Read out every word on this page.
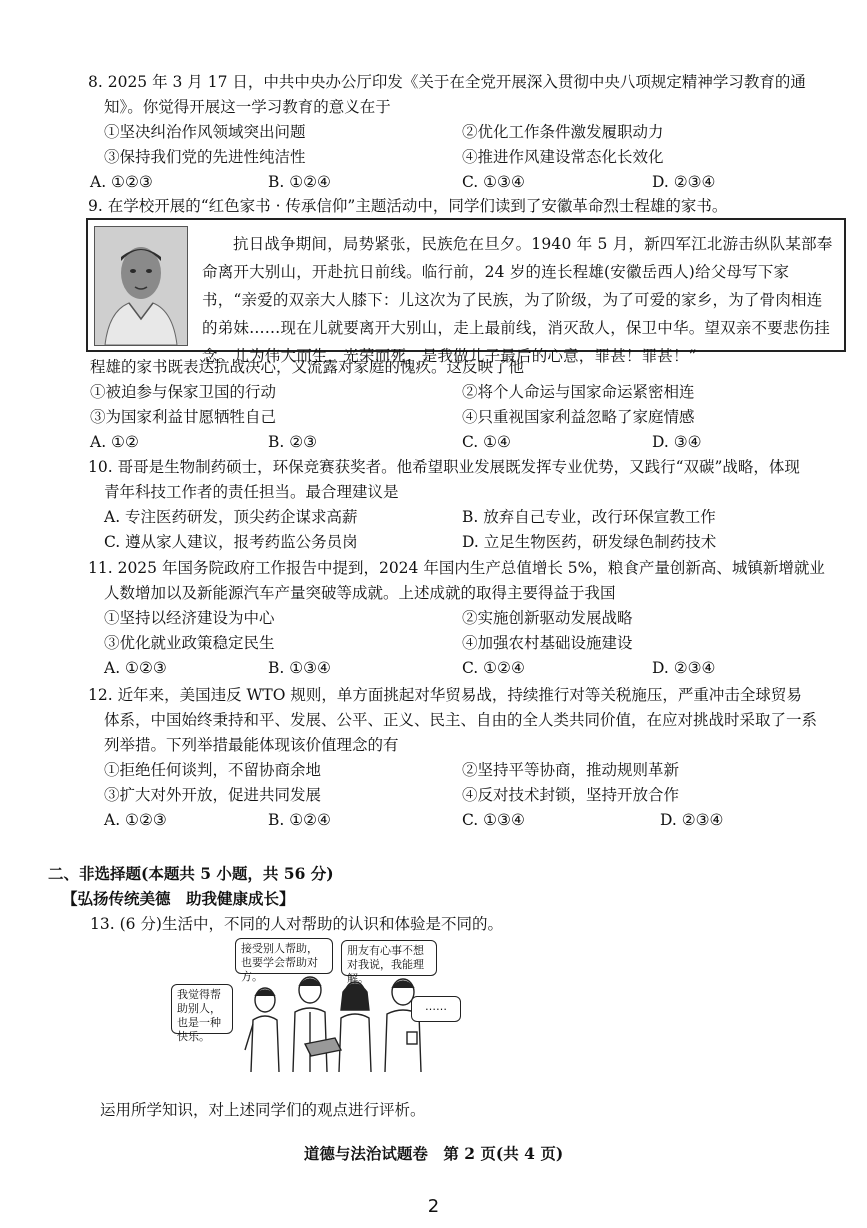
8. 2025 年 3 月 17 日，中共中央办公厅印发《关于在全党开展深入贯彻中央八项规定精神学习教育的通
知》。你觉得开展这一学习教育的意义在于
①坚决纠治作风领域突出问题	②优化工作条件激发履职动力
③保持我们党的先进性纯洁性	④推进作风建设常态化长效化
A. ①②③	B. ①②④	C. ①③④	D. ②③④
9. 在学校开展的“红色家书 · 传承信仰”主题活动中，同学们读到了安徽革命烈士程雄的家书。
抗日战争期间，局势紧张，民族危在旦夕。1940 年 5 月，新四军江北游击纵队某部奉命离开大别山，开赴抗日前线。临行前，24 岁的连长程雄(安徽岳西人)给父母写下家书，“亲爱的双亲大人膝下：儿这次为了民族，为了阶级，为了可爱的家乡，为了骨肉相连的弟妹……现在儿就要离开大别山，走上最前线，消灭敌人，保卫中华。望双亲不要悲伤挂念。儿为伟大而生，光荣而死，是我做儿子最后的心意，罪甚！罪甚！”
程雄的家书既表达抗战决心，又流露对家庭的愧疚。这反映了他
①被迫参与保家卫国的行动	②将个人命运与国家命运紧密相连
③为国家利益甘愿牺牲自己	④只重视国家利益忽略了家庭情感
A. ①②	B. ②③	C. ①④	D. ③④
10. 哥哥是生物制药硕士，环保竞赛获奖者。他希望职业发展既发挥专业优势，又践行“双碳”战略，体现
青年科技工作者的责任担当。最合理建议是
A. 专注医药研发，顶尖药企谋求高薪	B. 放弃自己专业，改行环保宣教工作
C. 遵从家人建议，报考药监公务员岗	D. 立足生物医药，研发绿色制药技术
11. 2025 年国务院政府工作报告中提到，2024 年国内生产总值增长 5%，粮食产量创新高、城镇新增就业
人数增加以及新能源汽车产量突破等成就。上述成就的取得主要得益于我国
①坚持以经济建设为中心	②实施创新驱动发展战略
③优化就业政策稳定民生	④加强农村基础设施建设
A. ①②③	B. ①③④	C. ①②④	D. ②③④
12. 近年来，美国违反 WTO 规则，单方面挑起对华贸易战，持续推行对等关税施压，严重冲击全球贸易
体系，中国始终秉持和平、发展、公平、正义、民主、自由的全人类共同价值，在应对挑战时采取了一系
列举措。下列举措最能体现该价值理念的有
①拒绝任何谈判，不留协商余地	②坚持平等协商，推动规则革新
③扩大对外开放，促进共同发展	④反对技术封锁，坚持开放合作
A. ①②③	B. ①②④	C. ①③④	D. ②③④
二、非选择题(本题共 5 小题，共 56 分)
【弘扬传统美德　助我健康成长】
13. (6 分)生活中，不同的人对帮助的认识和体验是不同的。
接受别人帮助，也要学会帮助对方。
朋友有心事不想对我说，我能理解。
我觉得帮助别人，也是一种快乐。
……
运用所学知识，对上述同学们的观点进行评析。
道德与法治试题卷　第 2 页(共 4 页)
2
